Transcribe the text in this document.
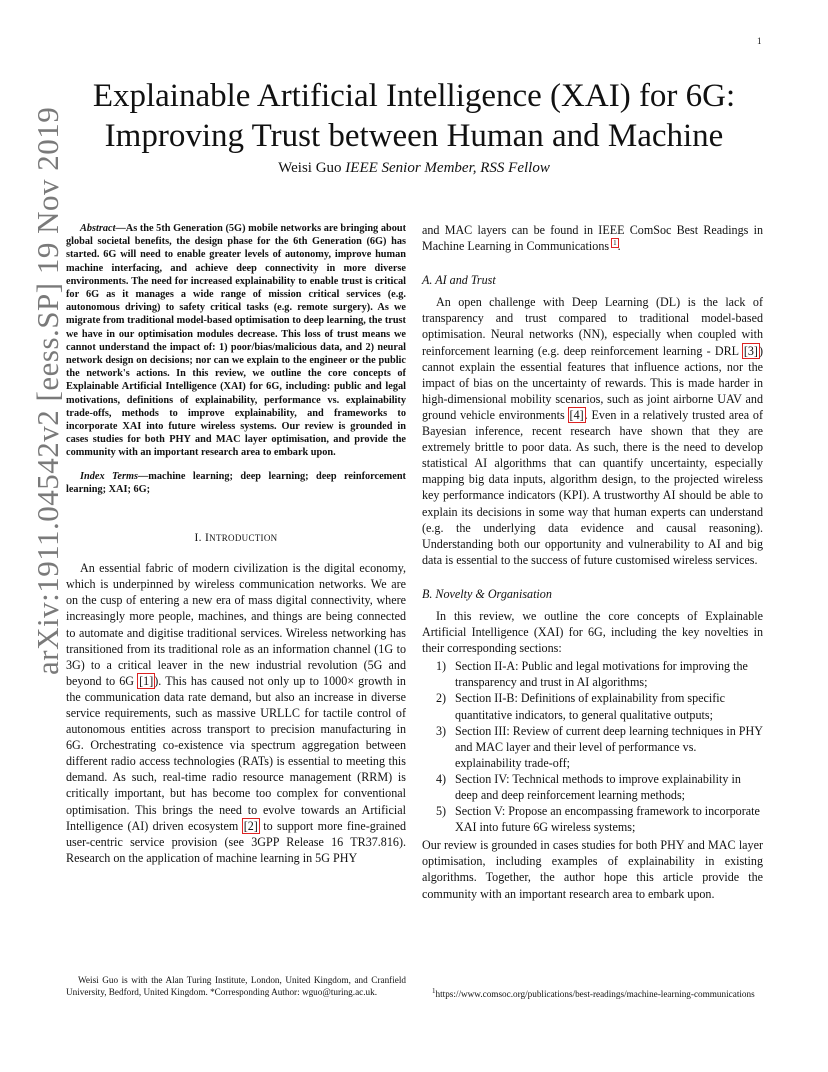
1
arXiv:1911.04542v2 [eess.SP] 19 Nov 2019
Explainable Artificial Intelligence (XAI) for 6G:
Improving Trust between Human and Machine
Weisi Guo IEEE Senior Member, RSS Fellow

Abstract—As the 5th Generation (5G) mobile networks are bringing about global societal benefits, the design phase for the 6th Generation (6G) has started. 6G will need to enable greater levels of autonomy, improve human machine interfacing, and achieve deep connectivity in more diverse environments. The need for increased explainability to enable trust is critical for 6G as it manages a wide range of mission critical services (e.g. autonomous driving) to safety critical tasks (e.g. remote surgery). As we migrate from traditional model-based optimisation to deep learning, the trust we have in our optimisation modules decrease. This loss of trust means we cannot understand the impact of: 1) poor/bias/malicious data, and 2) neural network design on decisions; nor can we explain to the engineer or the public the network's actions. In this review, we outline the core concepts of Explainable Artificial Intelligence (XAI) for 6G, including: public and legal motivations, definitions of explainability, performance vs. explainability trade-offs, methods to improve explainability, and frameworks to incorporate XAI into future wireless systems. Our review is grounded in cases studies for both PHY and MAC layer optimisation, and provide the community with an important research area to embark upon.

Index Terms—machine learning; deep learning; deep reinforcement learning; XAI; 6G;

I. INTRODUCTION

An essential fabric of modern civilization is the digital economy, which is underpinned by wireless communication networks. We are on the cusp of entering a new era of mass digital connectivity, where increasingly more people, machines, and things are being connected to automate and digitise traditional services. Wireless networking has transitioned from its traditional role as an information channel (1G to 3G) to a critical leaver in the new industrial revolution (5G and beyond to 6G [1]). This has caused not only up to 1000× growth in the communication data rate demand, but also an increase in diverse service requirements, such as massive URLLC for tactile control of autonomous entities across transport to precision manufacturing in 6G. Orchestrating co-existence via spectrum aggregation between different radio access technologies (RATs) is essential to meeting this demand. As such, real-time radio resource management (RRM) is critically important, but has become too complex for conventional optimisation. This brings the need to evolve towards an Artificial Intelligence (AI) driven ecosystem [2] to support more fine-grained user-centric service provision (see 3GPP Release 16 TR37.816). Research on the application of machine learning in 5G PHY

Weisi Guo is with the Alan Turing Institute, London, United Kingdom, and Cranfield University, Bedford, United Kingdom. *Corresponding Author: wguo@turing.ac.uk.

and MAC layers can be found in IEEE ComSoc Best Readings in Machine Learning in Communications $^1$.

A. AI and Trust

An open challenge with Deep Learning (DL) is the lack of transparency and trust compared to traditional model-based optimisation. Neural networks (NN), especially when coupled with reinforcement learning (e.g. deep reinforcement learning - DRL [3]) cannot explain the essential features that influence actions, nor the impact of bias on the uncertainty of rewards. This is made harder in high-dimensional mobility scenarios, such as joint airborne UAV and ground vehicle environments [4]. Even in a relatively trusted area of Bayesian inference, recent research have shown that they are extremely brittle to poor data. As such, there is the need to develop statistical AI algorithms that can quantify uncertainty, especially mapping big data inputs, algorithm design, to the projected wireless key performance indicators (KPI). A trustworthy AI should be able to explain its decisions in some way that human experts can understand (e.g. the underlying data evidence and causal reasoning). Understanding both our opportunity and vulnerability to AI and big data is essential to the success of future customised wireless services.

B. Novelty & Organisation

In this review, we outline the core concepts of Explainable Artificial Intelligence (XAI) for 6G, including the key novelties in their corresponding sections:

1) Section II-A: Public and legal motivations for improving the transparency and trust in AI algorithms;
2) Section II-B: Definitions of explainability from specific quantitative indicators, to general qualitative outputs;
3) Section III: Review of current deep learning techniques in PHY and MAC layer and their level of performance vs. explainability trade-off;
4) Section IV: Technical methods to improve explainability in deep and deep reinforcement learning methods;
5) Section V: Propose an encompassing framework to incorporate XAI into future 6G wireless systems;

Our review is grounded in cases studies for both PHY and MAC layer optimisation, including examples of explainability in existing algorithms. Together, the author hope this article provide the community with an important research area to embark upon.

$^1$https://www.comsoc.org/publications/best-readings/machine-learning-communications
